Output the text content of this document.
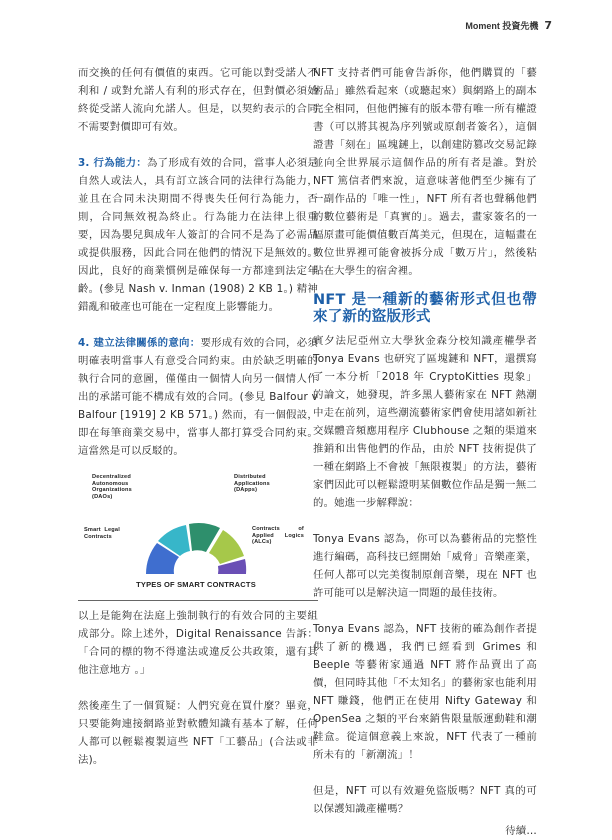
Moment 投資先機 7

而交換的任何有價值的東西。它可能以對受諾人不利和 / 或對允諾人有利的形式存在，但對價必須始終從受諾人流向允諾人。但是，以契約表示的合同不需要對價即可有效。

3. 行為能力：為了形成有效的合同，當事人必須是自然人或法人，具有訂立該合同的法律行為能力，並且在合同未決期間不得喪失任何行為能力，否則，合同無效視為終止。行為能力在法律上很重要，因為嬰兒與成年人簽訂的合同不是為了必需品或提供服務，因此合同在他們的情況下是無效的。因此，良好的商業慣例是確保每一方都達到法定年齡。(參見 Nash v. Inman (1908) 2 KB 1。) 精神錯亂和破產也可能在一定程度上影響能力。

4. 建立法律關係的意向：要形成有效的合同，必須明確表明當事人有意受合同約束。由於缺乏明確的執行合同的意圖，僅僅由一個情人向另一個情人作出的承諾可能不構成有效的合同。(參見 Balfour v Balfour [1919] 2 KB 571。) 然而，有一個假設，即在每筆商業交易中，當事人都打算受合同約束。這當然是可以反駁的。

Decentralized Autonomous Organizations (DAOs)
Distributed Applications (DApps)
Smart Legal Contracts
Contracts of Applied Logics (ALCs)
TYPES OF SMART CONTRACTS

以上是能夠在法庭上強制執行的有效合同的主要組成部分。除上述外，Digital Renaissance 告訴：「合同的標的物不得違法或違反公共政策，還有其他注意地方 。」

然後產生了一個質疑：人們究竟在買什麼？畢竟，只要能夠連接網路並對軟體知識有基本了解，任何人都可以輕鬆複製這些 NFT「工藝品」(合法或非法)。

NFT 支持者們可能會告訴你，他們購買的「藝術品」雖然看起來（或聽起來）與網路上的副本完全相同，但他們擁有的版本帶有唯一所有權證書（可以將其視為序列號或原創者簽名），這個證書「刻在」區塊鏈上，以創建防篡改交易記錄並向全世界展示這個作品的所有者是誰。對於 NFT 篤信者們來說，這意味著他們至少擁有了一副作品的「唯一性」，NFT 所有者也聲稱他們的數位藝術是「真實的」。過去，畫家簽名的一幅原畫可能價值數百萬美元，但現在，這幅畫在數位世界裡可能會被拆分成「數万片」，然後粘貼在大學生的宿舍裡。

NFT 是一種新的藝術形式但也帶來了新的盜版形式

賓夕法尼亞州立大學狄金森分校知識產權學者 Tonya Evans 也研究了區塊鏈和 NFT，還撰寫了一本分析「2018 年 CryptoKitties 現象」的論文，她發現，許多黑人藝術家在 NFT 熱潮中走在前列，這些潮流藝術家們會使用諸如新社交媒體音頻應用程序 Clubhouse 之類的渠道來推銷和出售他們的作品，由於 NFT 技術提供了一種在網路上不會被「無限複製」的方法，藝術家們因此可以輕鬆證明某個數位作品是獨一無二的。她進一步解釋說：

Tonya Evans 認為，你可以為藝術品的完整性進行編碼，高科技已經開始「威脅」音樂產業，任何人都可以完美復制原創音樂，現在 NFT 也許可能可以是解決這一問題的最佳技術。

Tonya Evans 認為，NFT 技術的確為創作者提供了新的機遇，我們已經看到 Grimes 和 Beeple 等藝術家通過 NFT 將作品賣出了高價，但同時其他「不太知名」的藝術家也能利用 NFT 賺錢，他們正在使用 Nifty Gateway 和 OpenSea 之類的平台來銷售限量版運動鞋和潮鞋盒。從這個意義上來說，NFT 代表了一種前所未有的「新潮流」！

但是，NFT 可以有效避免盜版嗎？NFT 真的可以保護知識產權嗎？

待續…
